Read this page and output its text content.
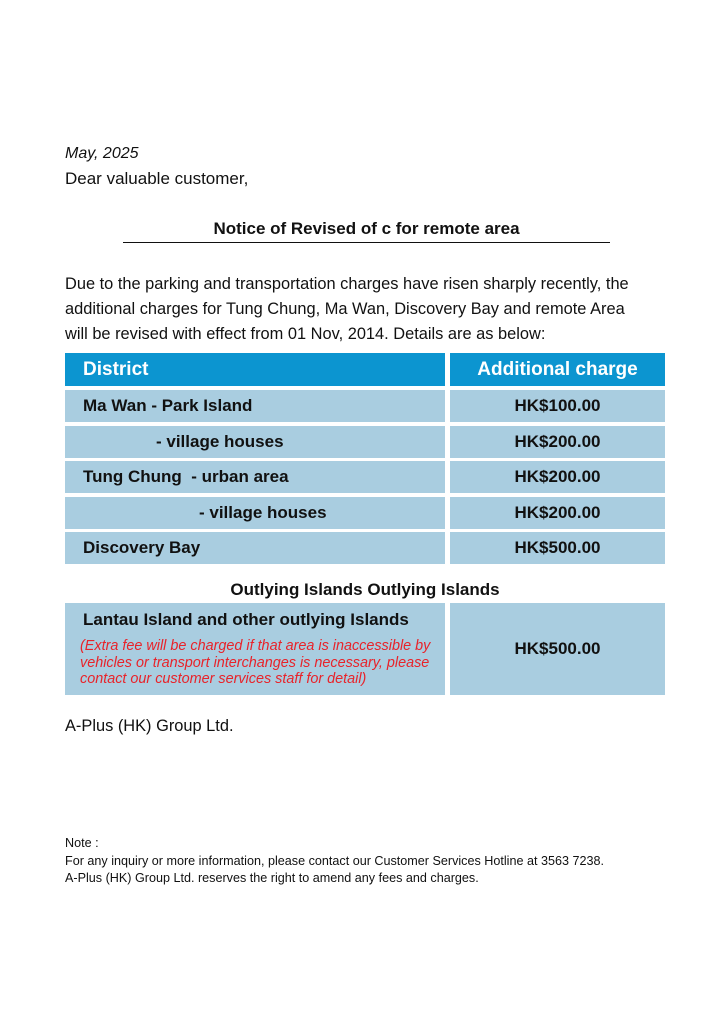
May, 2025
Dear valuable customer,
Notice of Revised of c for remote area

Due to the parking and transportation charges have risen sharply recently, the

additional charges for Tung Chung, Ma Wan, Discovery Bay and remote Area

will be revised with effect from 01 Nov, 2014. Details are as below:

District	Additional charge
Ma Wan - Park Island	HK$100.00
- village houses	HK$200.00
Tung Chung  - urban area	HK$200.00
- village houses	HK$200.00
Discovery Bay	HK$500.00
Outlying Islands Outlying Islands
Lantau Island and other outlying Islands
(Extra fee will be charged if that area is inaccessible by vehicles or transport interchanges is necessary, please contact our customer services staff for detail)
HK$500.00
A-Plus (HK) Group Ltd.
Note :
For any inquiry or more information, please contact our Customer Services Hotline at 3563 7238.
A-Plus (HK) Group Ltd. reserves the right to amend any fees and charges.
